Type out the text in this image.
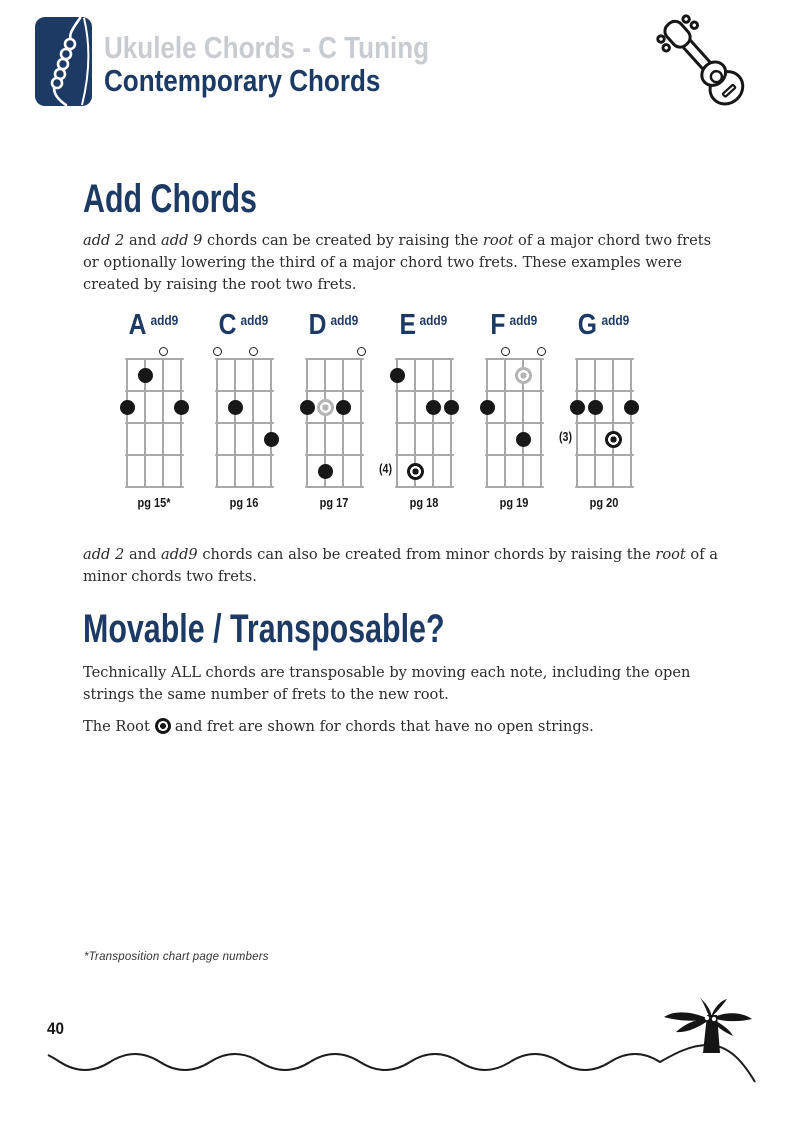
Ukulele Chords - C Tuning
Contemporary Chords
Add Chords

add 2 and add 9 chords can be created by raising the root of a major chord two frets or optionally lowering the third of a major chord two frets. These examples were created by raising the root two frets.

A add9
pg 15*
C add9
pg 16
D add9
pg 17
E add9
(4)
pg 18
F add9
pg 19
G add9
(3)
pg 20

add 2 and add9 chords can also be created from minor chords by raising the root of a minor chords two frets.

Movable / Transposable?

Technically ALL chords are transposable by moving each note, including the open strings the same number of frets to the new root.

The Root and fret are shown for chords that have no open strings.

*Transposition chart page numbers
40
